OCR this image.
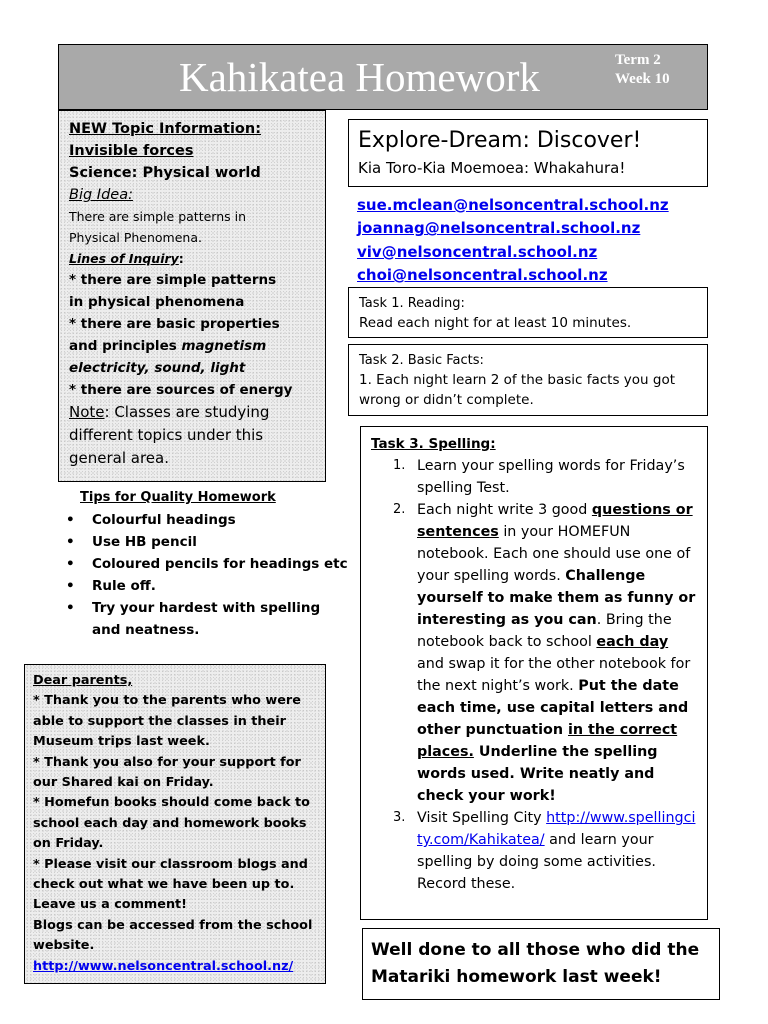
Kahikatea Homework	Term 2
Week 10
NEW Topic Information:
Invisible forces
Science: Physical world
Big Idea:
There are simple patterns in
Physical Phenomena.
Lines of Inquiry:
* there are simple patterns
in physical phenomena
* there are basic properties
and principles magnetism
electricity, sound, light
* there are sources of energy
Note: Classes are studying
different topics under this
general area.
Tips for Quality Homework
• Colourful headings
• Use HB pencil
• Coloured pencils for headings etc
• Rule off.
• Try your hardest with spelling and neatness.
Dear parents,
* Thank you to the parents who were able to support the classes in their Museum trips last week.
* Thank you also for your support for our Shared kai on Friday.
* Homefun books should come back to school each day and homework books on Friday.
* Please visit our classroom blogs and check out what we have been up to. Leave us a comment!
Blogs can be accessed from the school website.
http://www.nelsoncentral.school.nz/
Explore-Dream: Discover!
Kia Toro-Kia Moemoea: Whakahura!
sue.mclean@nelsoncentral.school.nz
joannag@nelsoncentral.school.nz
viv@nelsoncentral.school.nz
choi@nelsoncentral.school.nz
Task 1. Reading:
Read each night for at least 10 minutes.
Task 2. Basic Facts:
1. Each night learn 2 of the basic facts you got wrong or didn’t complete.
Task 3. Spelling:
1. Learn your spelling words for Friday’s spelling Test.
2. Each night write 3 good questions or sentences in your HOMEFUN notebook. Each one should use one of your spelling words. Challenge yourself to make them as funny or interesting as you can. Bring the notebook back to school each day and swap it for the other notebook for the next night’s work. Put the date each time, use capital letters and other punctuation in the correct places. Underline the spelling words used. Write neatly and check your work!
3. Visit Spelling City http://www.spellingcity.com/Kahikatea/ and learn your spelling by doing some activities. Record these.
Well done to all those who did the Matariki homework last week!
